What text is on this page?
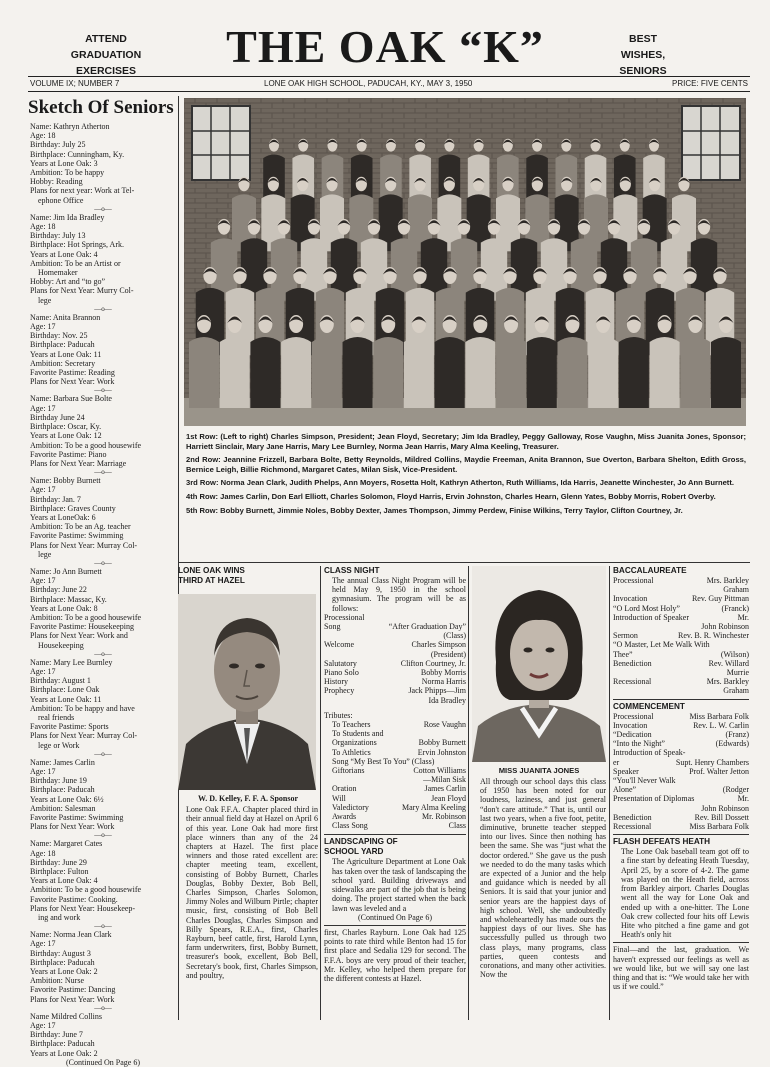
ATTEND
GRADUATION
EXERCISES	THE OAK “K”	BEST
WISHES,
SENIORS
VOLUME IX; NUMBER 7	LONE OAK HIGH SCHOOL, PADUCAH, KY., MAY 3, 1950	PRICE: FIVE CENTS
Sketch Of Seniors

Name: Kathryn Atherton

Age: 18

Birthday: July 25

Birthplace: Cunningham, Ky.

Years at Lone Oak: 3

Ambition: To be happy

Hobby: Reading

Plans for next year: Work at Tel-

ephone Office

—o—

Name: Jim Ida Bradley

Age: 18

Birthday: July 13

Birthplace: Hot Springs, Ark.

Years at Lone Oak: 4

Ambition: To be an Artist or

Homemaker

Hobby: Art and “to go”

Plans for Next Year: Murry Col-

lege

—o—

Name: Anita Brannon

Age: 17

Birthday: Nov. 25

Birthplace: Paducah

Years at Lone Oak: 11

Ambition: Secretary

Favorite Pastime: Reading

Plans for Next Year: Work

—o—

Name: Barbara Sue Bolte

Age: 17

Birthday June 24

Birthplace: Oscar, Ky.

Years at Lone Oak: 12

Ambition: To be a good housewife

Favorite Pastime: Piano

Plans for Next Year: Marriage

—o—

Name: Bobby Burnett

Age: 17

Birthday: Jan. 7

Birthplace: Graves County

Years at LoneOak: 6

Ambition: To be an Ag. teacher

Favorite Pastime: Swimming

Plans for Next Year: Murray Col-

lege

—o—

Name: Jo Ann Burnett

Age: 17

Birthday: June 22

Birthplace: Massac, Ky.

Years at Lone Oak: 8

Ambition: To be a good housewife

Favorite Pastime: Housekeeping

Plans for Next Year: Work and

Housekeeping

—o—

Name: Mary Lee Burnley

Age: 17

Birthday: August 1

Birthplace: Lone Oak

Years at Lone Oak: 11

Ambition: To be happy and have

real friends

Favorite Pastime: Sports

Plans for Next Year: Murray Col-

lege or Work

—o—

Name: James Carlin

Age: 17

Birthday: June 19

Birthplace: Paducah

Years at Lone Oak: 6½

Ambition: Salesman

Favorite Pastime: Swimming

Plans for Next Year: Work

—o—

Name: Margaret Cates

Age: 18

Birthday: June 29

Birthplace: Fulton

Years at Lone Oak: 4

Ambition: To be a good housewife

Favorite Pastime: Cooking.

Plans for Next Year: Housekeep-

ing and work

—o—

Name: Norma Jean Clark

Age: 17

Birthday: August 3

Birthplace: Paducah

Years at Lone Oak: 2

Ambition: Nurse

Favorite Pastime: Dancing

Plans for Next Year: Work

—o—

Name Mildred Collins

Age: 17

Birthday: June 7

Birthplace: Paducah

Years at Lone Oak: 2

(Continued On Page 6)

1st Row: (Left to right) Charles Simpson, President; Jean Floyd, Secretary; Jim Ida Bradley, Peggy Galloway, Rose Vaughn, Miss Juanita Jones, Sponsor; Harriett Sinclair, Mary Jane Harris, Mary Lee Burnley, Norma Jean Harris, Mary Alma Keeling, Treasurer.

2nd Row: Jeannine Frizzell, Barbara Bolte, Betty Reynolds, Mildred Collins, Maydie Freeman, Anita Brannon, Sue Overton, Barbara Shelton, Edith Gross, Bernice Leigh, Billie Richmond, Margaret Cates, Milan Sisk, Vice-President.

3rd Row: Norma Jean Clark, Judith Phelps, Ann Moyers, Rosetta Holt, Kathryn Atherton, Ruth Williams, Ida Harris, Jeanette Winchester, Jo Ann Burnett.

4th Row: James Carlin, Don Earl Elliott, Charles Solomon, Floyd Harris, Ervin Johnston, Charles Hearn, Glenn Yates, Bobby Morris, Robert Overby.

5th Row: Bobby Burnett, Jimmie Noles, Bobby Dexter, James Thompson, Jimmy Perdew, Finise Wilkins, Terry Taylor, Clifton Courtney, Jr.

LONE OAK WINS

THIRD AT HAZEL

W. D. Kelley, F. F. A. Sponsor

Lone Oak F.F.A. Chapter placed third in their annual field day at Hazel on April 6 of this year. Lone Oak had more first place winners than any of the 24 chapters at Hazel. The first place winners and those rated excellent are: chapter meeting team, excellent, consisting of Bobby Burnett, Charles Douglas, Bobby Dexter, Bob Bell, Charles Simpson, Charles Solomon, Jimmy Noles and Wilburn Pirtle; chapter music, first, consisting of Bob Bell Charles Douglas, Charles Simpson and Billy Spears, R.E.A., first, Charles Rayburn, beef cattle, first, Harold Lynn, farm underwriters, first, Bobby Burnett, treasurer's book, excellent, Bob Bell, Secretary's book, first, Charles Simpson, and poultry,

CLASS NIGHT

The annual Class Night Program will be held May 9, 1950 in the school gymnasium. The program will be as follows:

Processional

Song	“After Graduation Day”
(Class)
Welcome	Charles Simpson
(President)
Salutatory	Clifton Courtney, Jr.
Piano Solo	Bobby Morris
History	Norma Harris
Prophecy	Jack Phipps—Jim
Ida Bradley

Tributes:

To Teachers	Rose Vaughn
To Students and
Organizations	Bobby Burnett
To Athletics	Ervin Johnston
Song “My Best To You” (Class)
Giftorians	Cotton Williams
—Milan Sisk
Oration	James Carlin
Will	Jean Floyd
Valedictory	Mary Alma Keeling
Awards	Mr. Robinson
Class Song	Class

LANDSCAPING OF

SCHOOL YARD

The Agriculture Department at Lone Oak has taken over the task of landscaping the school yard. Building driveways and sidewalks are part of the job that is being doing. The project started when the back lawn was leveled and a

(Continued On Page 6)

first, Charles Rayburn. Lone Oak had 125 points to rate third while Benton had 15 for first place and Sedalia 129 for second. The F.F.A. boys are very proud of their teacher, Mr. Kelley, who helped them prepare for the different contests at Hazel.

MISS JUANITA JONES

All through our school days this class of 1950 has been noted for our loudness, laziness, and just general “don't care attitude.” That is, until our last two years, when a five foot, petite, diminutive, brunette teacher stepped into our lives. Since then nothing has been the same. She was “just what the doctor ordered.” She gave us the push we needed to do the many tasks which are expected of a Junior and the help and guidance which is needed by all Seniors. It is said that your junior and senior years are the happiest days of high school. Well, she undoubtedly and wholeheartedly has made ours the happiest days of our lives. She has successfully pulled us through two class plays, many programs, class parties, queen contests and coronations, and many other activities. Now the

BACCALAUREATE

Processional	Mrs. Barkley
Graham
Invocation	Rev. Guy Pittman
“O Lord Most Holy”	(Franck)
Introduction of Speaker	Mr.
John Robinson
Sermon	Rev. B. R. Winchester
“O Master, Let Me Walk With
Thee”	(Wilson)
Benediction	Rev. Willard
Murrie
Recessional	Mrs. Barkley
Graham

COMMENCEMENT

Processional	Miss Barbara Folk
Invocation	Rev. L. W. Carlin
“Dedication	(Franz)
“Into the Night”	(Edwards)
Introduction of Speak-
er	Supt. Henry Chambers
Speaker	Prof. Walter Jetton
“You'll Never Walk
Alone”	(Rodger
Presentation of Diplomas	Mr.
John Robinson
Benediction	Rev. Bill Dossett
Recessional	Miss Barbara Folk

FLASH DEFEATS HEATH

The Lone Oak baseball team got off to a fine start by defeating Heath Tuesday, April 25, by a score of 4-2. The game was played on the Heath field, across from Barkley airport. Charles Douglas went all the way for Lone Oak and ended up with a one-hitter. The Lone Oak crew collected four hits off Lewis Hite who pitched a fine game and got Heath's only hit

Final—and the last, graduation. We haven't expressed our feelings as well as we would like, but we will say one last thing and that is: “We would take her with us if we could.”
